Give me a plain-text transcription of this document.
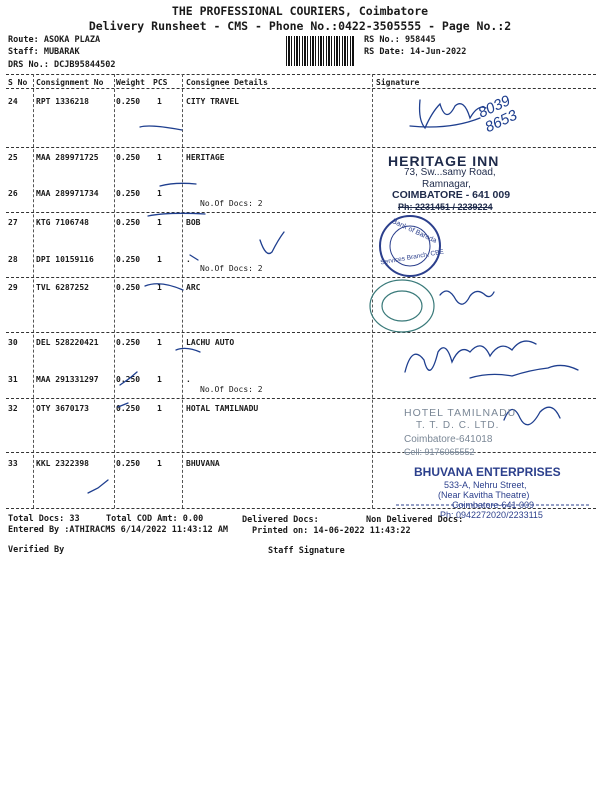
THE PROFESSIONAL COURIERS, Coimbatore
Delivery Runsheet - CMS - Phone No.:0422-3505555 - Page No.:2
Route: ASOKA PLAZA
Staff: MUBARAK
DRS No.: DCJB95844502
RS No.: 958445
RS Date: 14-Jun-2022
S No Consignment No Weight PCS Consignee Details	Signature
24 RPT 1336218	0.250 1	CITY TRAVEL
25 MAA 289971725 0.250 1	HERITAGE
26 MAA 289971734 0.250 1
No.Of Docs: 2
27 KTG 7106748	0.250 1	BOB
28 DPI 10159116	0.250 1	.
No.Of Docs: 2
29 TVL 6287252	0.250 1	ARC
30 DEL 528220421 0.250 1	LACHU AUTO
31 MAA 291331297 0.250 1	.
No.Of Docs: 2
32 OTY 3670173	0.250 1	HOTAL TAMILNADU
33 KKL 2322398	0.250 1	BHUVANA
8039 8653
HERITAGE INN
73, Sw...samy Road,
Ramnagar,
COIMBATORE - 641 009
Ph: 2231451 / 2239224
Bank of Baroda
Services Branch, CBE
HOTEL TAMILNADU
T. T. D. C. LTD.
Coimbatore-641018
Cell: 9176065552
BHUVANA ENTERPRISES
533-A, Nehru Street,
(Near Kavitha Theatre)
Coimbatore-641 009
Ph: 0942272020/2233115
Total Docs: 33	Total COD Amt: 0.00	Delivered Docs:	Non Delivered Docs:
Entered By :ATHIRACMS 6/14/2022 11:43:12 AM	Printed on: 14-06-2022 11:43:22
Verified By	Staff Signature
